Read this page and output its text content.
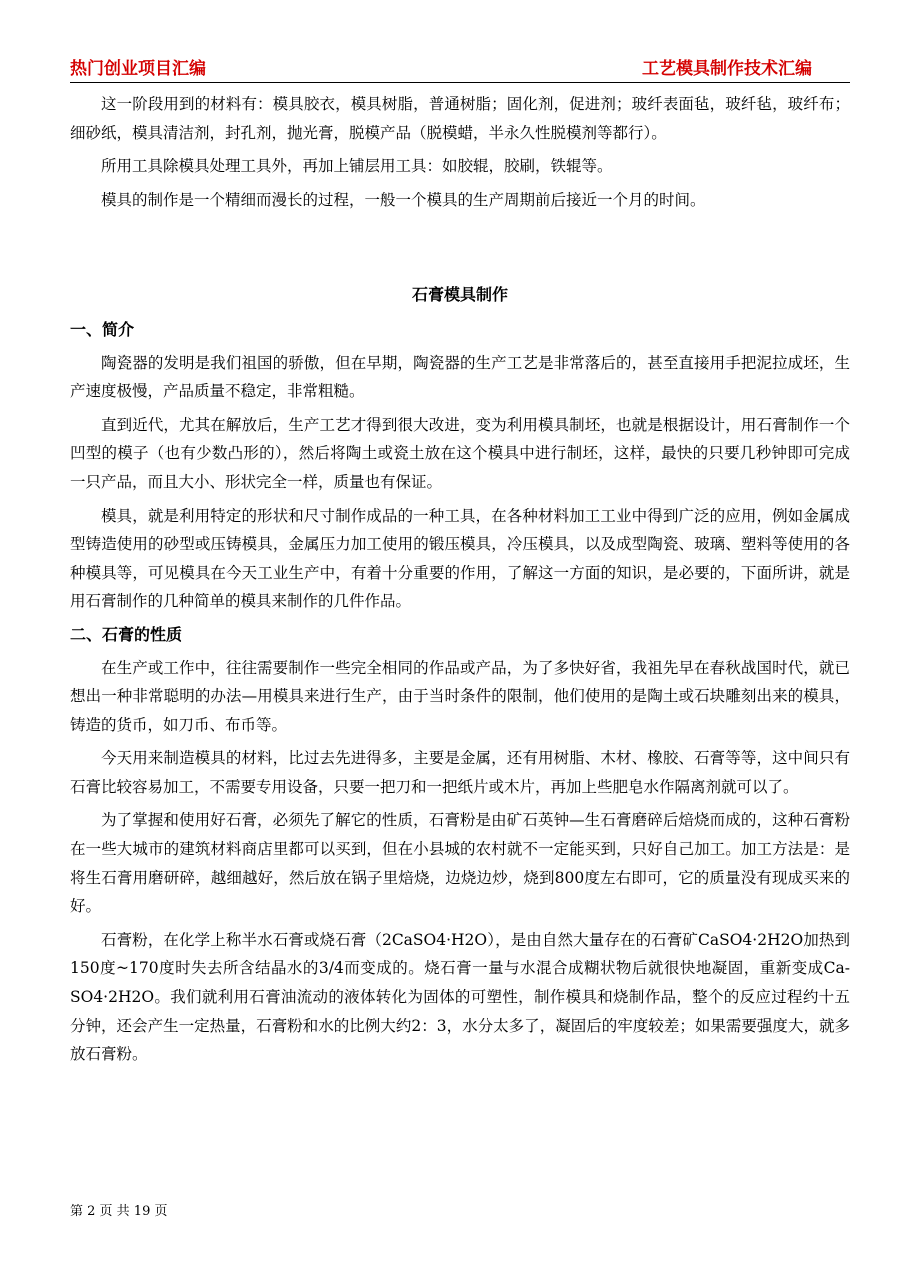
热门创业项目汇编	工艺模具制作技术汇编

这一阶段用到的材料有：模具胶衣，模具树脂，普通树脂；固化剂，促进剂；玻纤表面毡，玻纤毡，玻纤布；细砂纸，模具清洁剂，封孔剂，抛光膏，脱模产品（脱模蜡，半永久性脱模剂等都行）。

所用工具除模具处理工具外，再加上铺层用工具：如胶辊，胶刷，铁辊等。

模具的制作是一个精细而漫长的过程，一般一个模具的生产周期前后接近一个月的时间。

石膏模具制作
一、简介

陶瓷器的发明是我们祖国的骄傲，但在早期，陶瓷器的生产工艺是非常落后的，甚至直接用手把泥拉成坯，生产速度极慢，产品质量不稳定，非常粗糙。

直到近代，尤其在解放后，生产工艺才得到很大改进，变为利用模具制坯，也就是根据设计，用石膏制作一个凹型的模子（也有少数凸形的），然后将陶土或瓷土放在这个模具中进行制坯，这样，最快的只要几秒钟即可完成一只产品，而且大小、形状完全一样，质量也有保证。

模具，就是利用特定的形状和尺寸制作成品的一种工具，在各种材料加工工业中得到广泛的应用，例如金属成型铸造使用的砂型或压铸模具，金属压力加工使用的锻压模具，冷压模具，以及成型陶瓷、玻璃、塑料等使用的各种模具等，可见模具在今天工业生产中，有着十分重要的作用，了解这一方面的知识，是必要的，下面所讲，就是用石膏制作的几种简单的模具来制作的几件作品。

二、石膏的性质

在生产或工作中，往往需要制作一些完全相同的作品或产品，为了多快好省，我祖先早在春秋战国时代，就已想出一种非常聪明的办法—用模具来进行生产，由于当时条件的限制，他们使用的是陶土或石块雕刻出来的模具，铸造的货币，如刀币、布币等。

今天用来制造模具的材料，比过去先进得多，主要是金属，还有用树脂、木材、橡胶、石膏等等，这中间只有石膏比较容易加工，不需要专用设备，只要一把刀和一把纸片或木片，再加上些肥皂水作隔离剂就可以了。

为了掌握和使用好石膏，必须先了解它的性质，石膏粉是由矿石英钟—生石膏磨碎后焙烧而成的，这种石膏粉在一些大城市的建筑材料商店里都可以买到，但在小县城的农村就不一定能买到，只好自己加工。加工方法是：是将生石膏用磨研碎，越细越好，然后放在锅子里焙烧，边烧边炒，烧到800度左右即可，它的质量没有现成买来的好。

石膏粉，在化学上称半水石膏或烧石膏（2CaSO4·H2O），是由自然大量存在的石膏矿CaSO4·2H2O加热到150度~170度时失去所含结晶水的3/4而变成的。烧石膏一量与水混合成糊状物后就很快地凝固，重新变成Ca-SO4·2H2O。我们就利用石膏油流动的液体转化为固体的可塑性，制作模具和烧制作品，整个的反应过程约十五分钟，还会产生一定热量，石膏粉和水的比例大约2：3，水分太多了，凝固后的牢度较差；如果需要强度大，就多放石膏粉。

第 2 页 共 19 页
